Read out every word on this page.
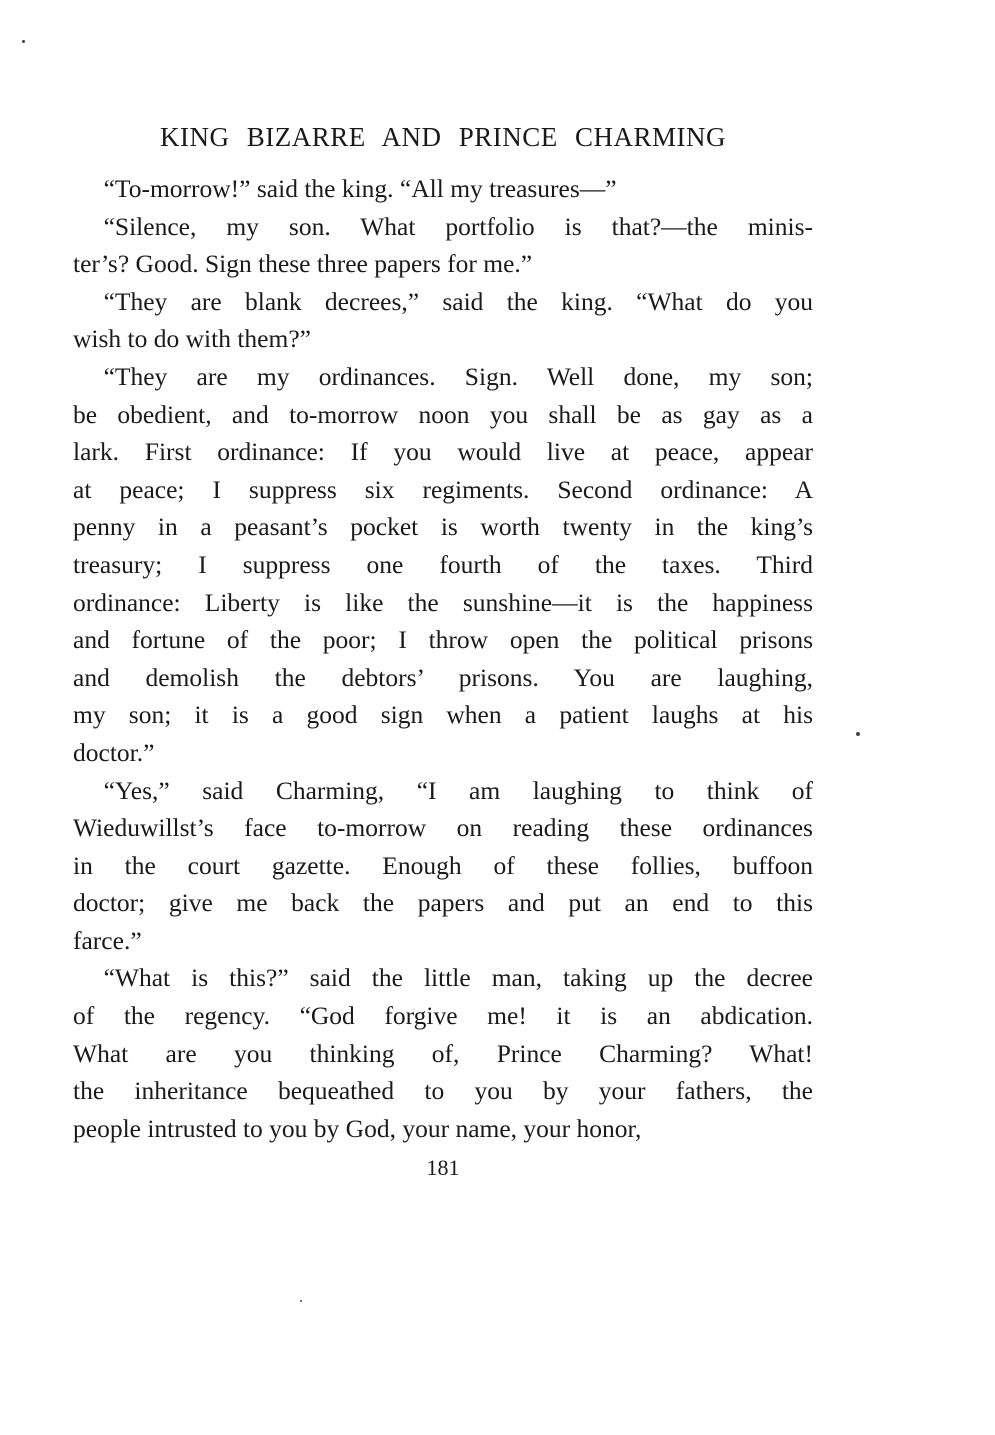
KING BIZARRE AND PRINCE CHARMING
“To-morrow!” said the king. “All my treasures—”
“Silence, my son. What portfolio is that?—the minis-
ter’s? Good. Sign these three papers for me.”
“They are blank decrees,” said the king. “What do you
wish to do with them?”
“They are my ordinances. Sign. Well done, my son;
be obedient, and to-morrow noon you shall be as gay as a
lark. First ordinance: If you would live at peace, appear
at peace; I suppress six regiments. Second ordinance: A
penny in a peasant’s pocket is worth twenty in the king’s
treasury; I suppress one fourth of the taxes. Third
ordinance: Liberty is like the sunshine—it is the happiness
and fortune of the poor; I throw open the political prisons
and demolish the debtors’ prisons. You are laughing,
my son; it is a good sign when a patient laughs at his
doctor.”
“Yes,” said Charming, “I am laughing to think of
Wieduwillst’s face to-morrow on reading these ordinances
in the court gazette. Enough of these follies, buffoon
doctor; give me back the papers and put an end to this
farce.”
“What is this?” said the little man, taking up the decree
of the regency. “God forgive me! it is an abdication.
What are you thinking of, Prince Charming? What!
the inheritance bequeathed to you by your fathers, the
people intrusted to you by God, your name, your honor,
181
